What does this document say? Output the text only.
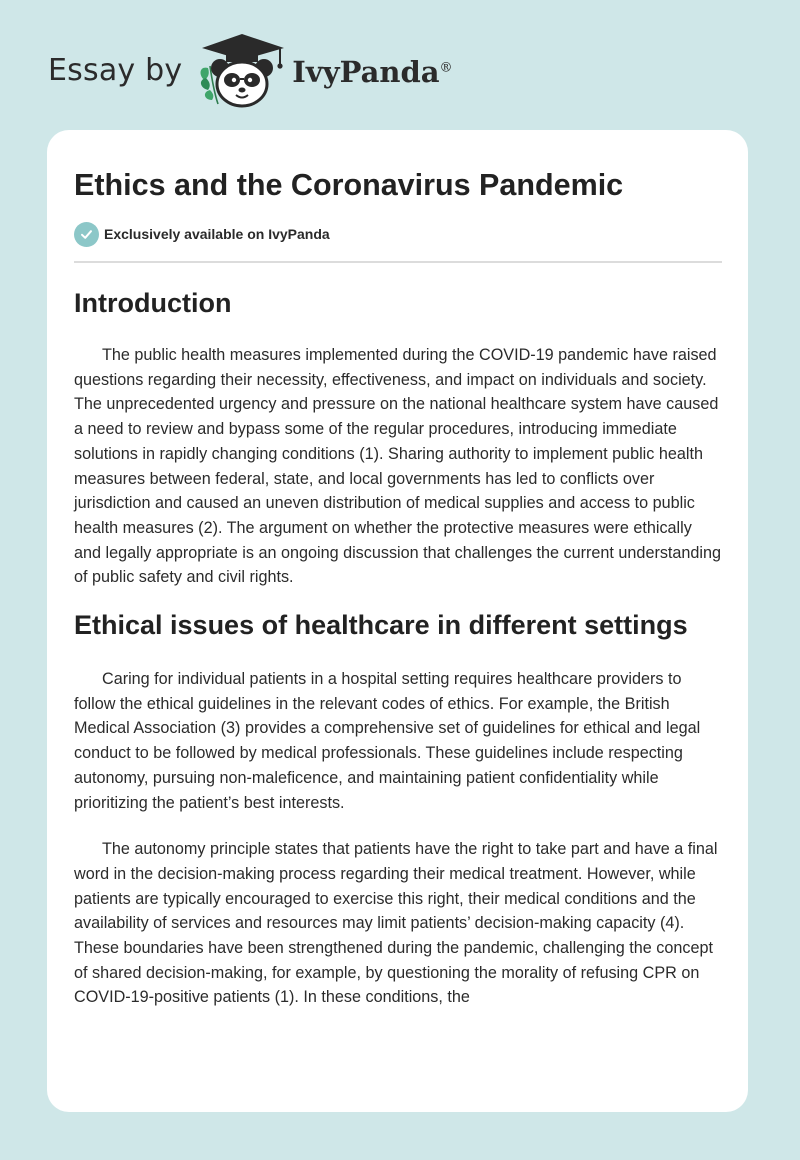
Essay by	IvyPanda®
Ethics and the Coronavirus Pandemic
Exclusively available on IvyPanda
Introduction

The public health measures implemented during the COVID-19 pandemic have raised questions regarding their necessity, effectiveness, and impact on individuals and society. The unprecedented urgency and pressure on the national healthcare system have caused a need to review and bypass some of the regular procedures, introducing immediate solutions in rapidly changing conditions (1). Sharing authority to implement public health measures between federal, state, and local governments has led to conflicts over jurisdiction and caused an uneven distribution of medical supplies and access to public health measures (2). The argument on whether the protective measures were ethically and legally appropriate is an ongoing discussion that challenges the current understanding of public safety and civil rights.

Ethical issues of healthcare in different settings

Caring for individual patients in a hospital setting requires healthcare providers to follow the ethical guidelines in the relevant codes of ethics. For example, the British Medical Association (3) provides a comprehensive set of guidelines for ethical and legal conduct to be followed by medical professionals. These guidelines include respecting autonomy, pursuing non-maleficence, and maintaining patient confidentiality while prioritizing the patient’s best interests.

The autonomy principle states that patients have the right to take part and have a final word in the decision-making process regarding their medical treatment. However, while patients are typically encouraged to exercise this right, their medical conditions and the availability of services and resources may limit patients’ decision-making capacity (4). These boundaries have been strengthened during the pandemic, challenging the concept of shared decision-making, for example, by questioning the morality of refusing CPR on COVID-19-positive patients (1). In these conditions, the
